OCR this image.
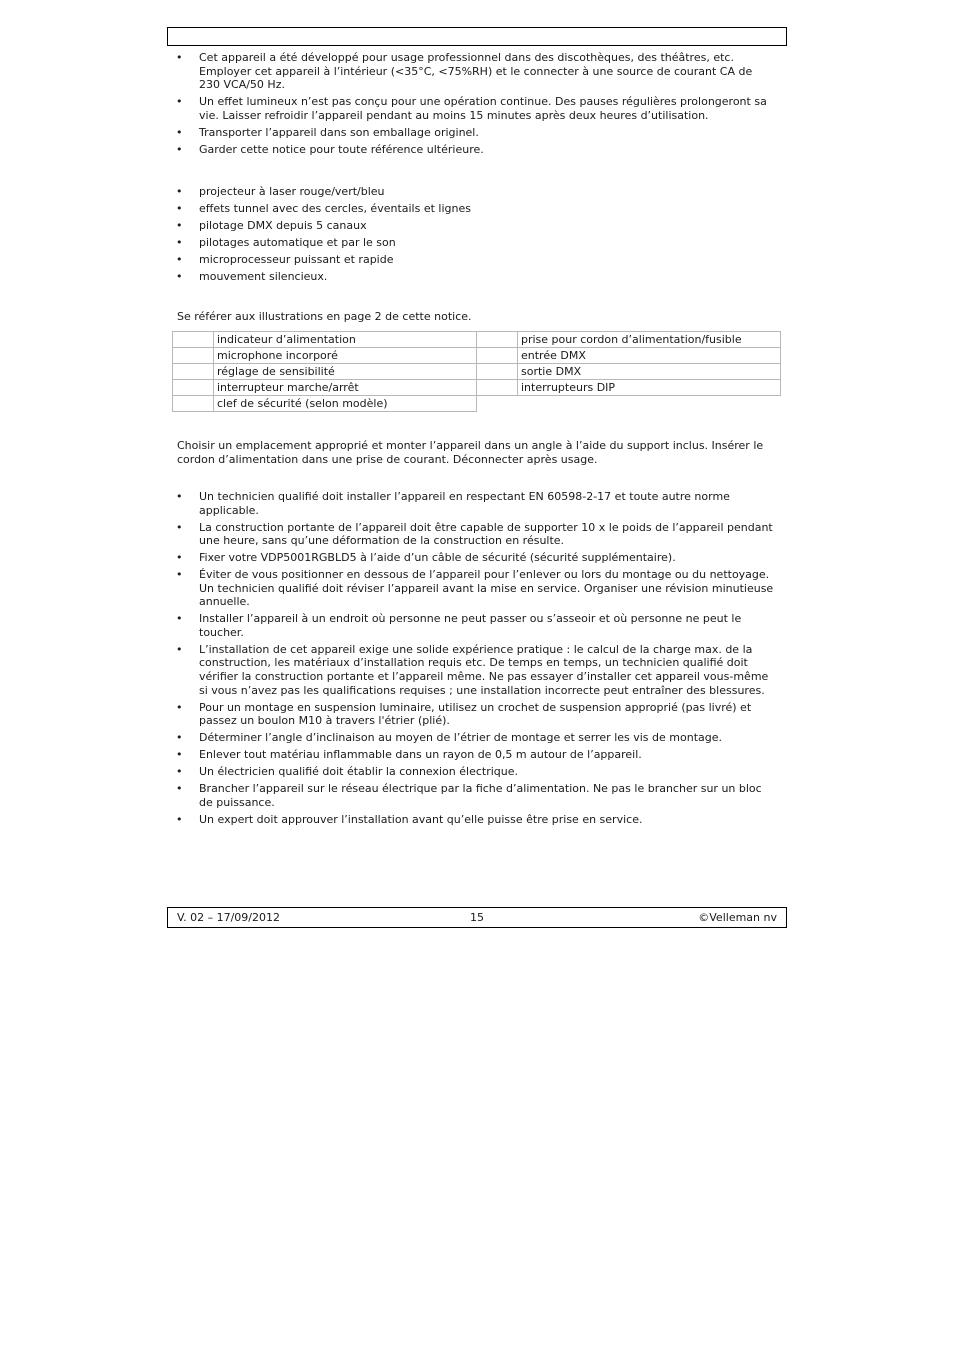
• Cet appareil a été développé pour usage professionnel dans des discothèques, des théâtres, etc. Employer cet appareil à l’intérieur (<35°C, <75%RH) et le connecter à une source de courant CA de 230 VCA/50 Hz.
• Un effet lumineux n’est pas conçu pour une opération continue. Des pauses régulières prolongeront sa vie. Laisser refroidir l’appareil pendant au moins 15 minutes après deux heures d’utilisation.
• Transporter l’appareil dans son emballage originel.
• Garder cette notice pour toute référence ultérieure.
• projecteur à laser rouge/vert/bleu
• effets tunnel avec des cercles, éventails et lignes
• pilotage DMX depuis 5 canaux
• pilotages automatique et par le son
• microprocesseur puissant et rapide
• mouvement silencieux.

Se référer aux illustrations en page 2 de cette notice.

	indicateur d’alimentation		prise pour cordon d’alimentation/fusible
	microphone incorporé		entrée DMX
	réglage de sensibilité		sortie DMX
	interrupteur marche/arrêt		interrupteurs DIP
	clef de sécurité (selon modèle)		

Choisir un emplacement approprié et monter l’appareil dans un angle à l’aide du support inclus. Insérer le cordon d’alimentation dans une prise de courant. Déconnecter après usage.

• Un technicien qualifié doit installer l’appareil en respectant EN 60598-2-17 et toute autre norme applicable.
• La construction portante de l’appareil doit être capable de supporter 10 x le poids de l’appareil pendant une heure, sans qu’une déformation de la construction en résulte.
• Fixer votre VDP5001RGBLD5 à l’aide d’un câble de sécurité (sécurité supplémentaire).
• Éviter de vous positionner en dessous de l’appareil pour l’enlever ou lors du montage ou du nettoyage. Un technicien qualifié doit réviser l’appareil avant la mise en service. Organiser une révision minutieuse annuelle.
• Installer l’appareil à un endroit où personne ne peut passer ou s’asseoir et où personne ne peut le toucher.
• L’installation de cet appareil exige une solide expérience pratique : le calcul de la charge max. de la construction, les matériaux d’installation requis etc. De temps en temps, un technicien qualifié doit vérifier la construction portante et l’appareil même. Ne pas essayer d’installer cet appareil vous-même si vous n’avez pas les qualifications requises ; une installation incorrecte peut entraîner des blessures.
• Pour un montage en suspension luminaire, utilisez un crochet de suspension approprié (pas livré) et passez un boulon M10 à travers l'étrier (plié).
• Déterminer l’angle d’inclinaison au moyen de l’étrier de montage et serrer les vis de montage.
• Enlever tout matériau inflammable dans un rayon de 0,5 m autour de l’appareil.
• Un électricien qualifié doit établir la connexion électrique.
• Brancher l’appareil sur le réseau électrique par la fiche d’alimentation. Ne pas le brancher sur un bloc de puissance.
• Un expert doit approuver l’installation avant qu’elle puisse être prise en service.
V. 02 – 17/09/2012	15	©Velleman nv
